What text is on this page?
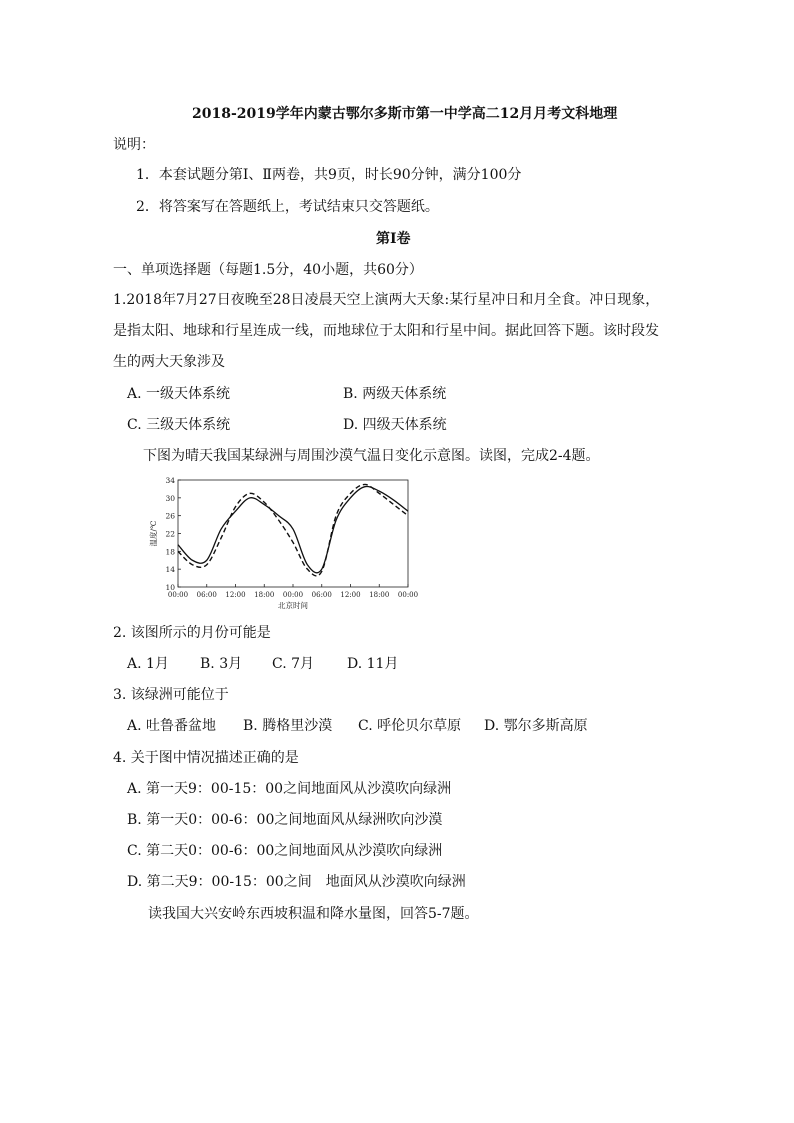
2018-2019学年内蒙古鄂尔多斯市第一中学高二12月月考文科地理
说明：
1．本套试题分第Ⅰ、Ⅱ两卷，共9页，时长90分钟，满分100分
2．将答案写在答题纸上，考试结束只交答题纸。
第Ⅰ卷
一、单项选择题（每题1.5分，40小题，共60分）
1.2018年7月27日夜晚至28日凌晨天空上演两大天象:某行星冲日和月全食。冲日现象，
是指太阳、地球和行星连成一线，而地球位于太阳和行星中间。据此回答下题。该时段发
生的两大天象涉及
A. 一级天体系统	B. 两级天体系统
C. 三级天体系统	D. 四级天体系统
下图为晴天我国某绿洲与周围沙漠气温日变化示意图。读图，完成2-4题。
10
14
18
22
26
30
34
00:00 06:00 12:00 18:00 00:00 06:00 12:00 18:00 00:00
北京时间
温度/℃
2. 该图所示的月份可能是
A. 1月 B. 3月 C. 7月 D. 11月
3. 该绿洲可能位于
A. 吐鲁番盆地 B. 腾格里沙漠 C. 呼伦贝尔草原 D. 鄂尔多斯高原
4. 关于图中情况描述正确的是
A. 第一天9：00-15：00之间地面风从沙漠吹向绿洲
B. 第一天0：00-6：00之间地面风从绿洲吹向沙漠
C. 第二天0：00-6：00之间地面风从沙漠吹向绿洲
D. 第二天9：00-15：00之间　地面风从沙漠吹向绿洲
读我国大兴安岭东西坡积温和降水量图，回答5-7题。
